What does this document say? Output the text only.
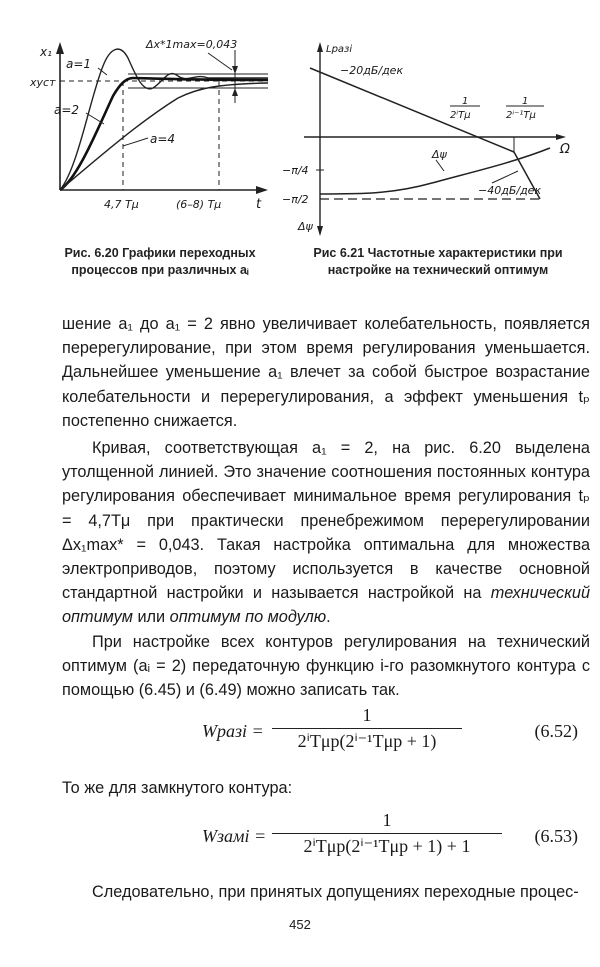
x₁
xуст
a=1
a=2
a=4
Δx*1max=0,043
4,7 Tμ	(6–8) Tμ	t
Рис. 6.20 Графики переходных
процессов при различных aᵢ
Lразi
Δψ
Ω
−20дБ/дек
−40дБ/дек
1
2ⁱTμ
1
2ⁱ⁻¹Tμ
Δψ
−π/4
−π/2
Рис 6.21 Частотные характеристики при
настройке на технический оптимум

шение a₁ до a₁ = 2 явно увеличивает колебательность, появляется перерегулирование, при этом время регулирования уменьшается. Дальнейшее уменьшение a₁ влечет за собой быстрое возрастание колебательности и перерегулирования, а эффект уменьшения tₚ постепенно снижается.

Кривая, соответствующая a₁ = 2, на рис. 6.20 выделена утолщенной линией. Это значение соотношения постоянных контура регулирования обеспечивает минимальное время регулирования tₚ = 4,7Tμ при практически пренебрежимом перерегулировании Δx₁max* = 0,043. Такая настройка оптимальна для множества электроприводов, поэтому используется в качестве основной стандартной настройки и называется настройкой на технический оптимум или оптимум по модулю.

При настройке всех контуров регулирования на технический оптимум (aᵢ = 2) передаточную функцию i-го разомкнутого контура с помощью (6.45) и (6.49) можно записать так.

Wразi =
1
2ⁱTμp(2ⁱ⁻¹Tμp + 1)	(6.52)

То же для замкнутого контура:

Wзамi =
1
2ⁱTμp(2ⁱ⁻¹Tμp + 1) + 1	(6.53)

Следовательно, при принятых допущениях переходные процес-

452
